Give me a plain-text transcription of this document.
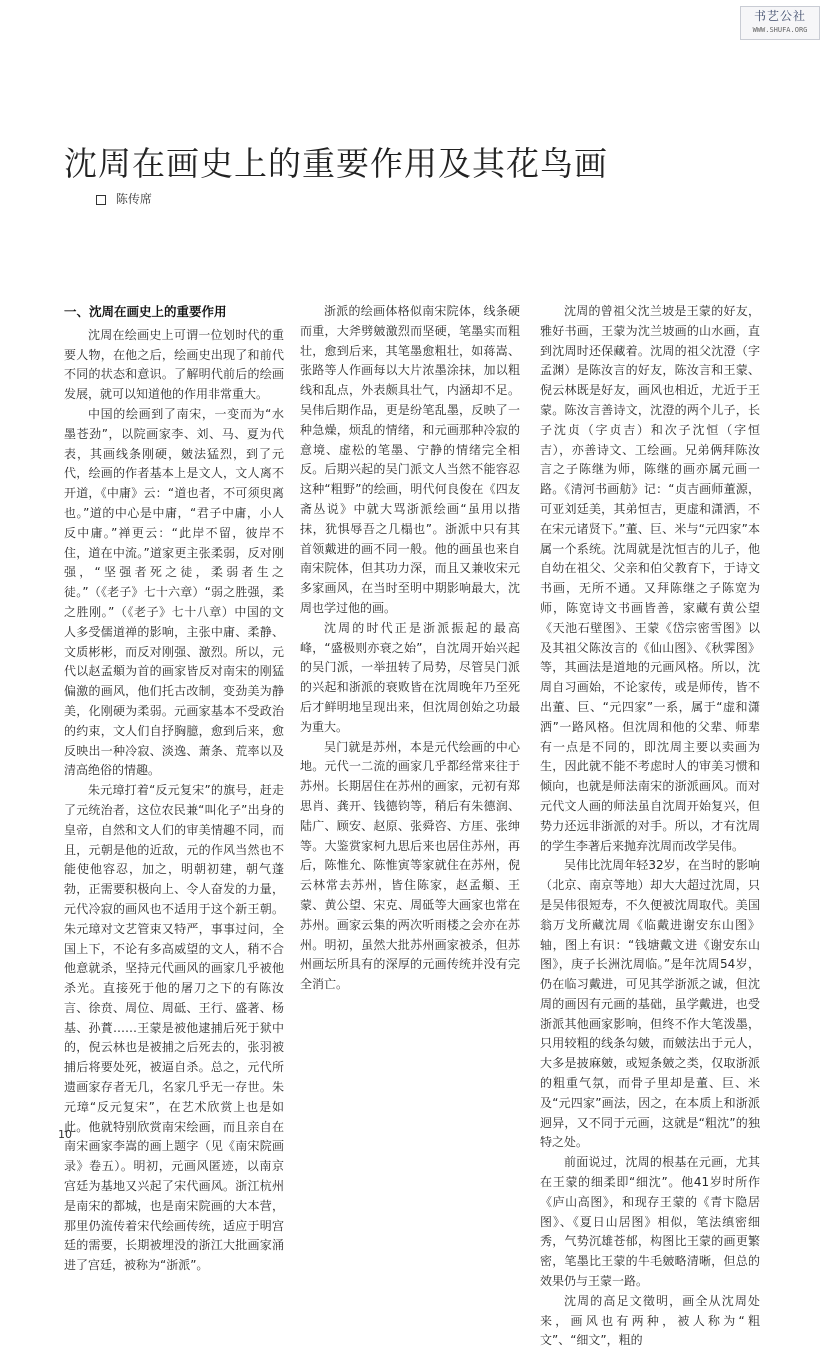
书艺公社
WWW.SHUFA.ORG
沈周在画史上的重要作用及其花鸟画
陈传席
一、沈周在画史上的重要作用

沈周在绘画史上可谓一位划时代的重要人物，在他之后，绘画史出现了和前代不同的状态和意识。了解明代前后的绘画发展，就可以知道他的作用非常重大。

中国的绘画到了南宋，一变而为“水墨苍劲”，以院画家李、刘、马、夏为代表，其画线条刚硬，皴法猛烈，到了元代，绘画的作者基本上是文人，文人离不开道，《中庸》云：“道也者，不可须臾离也。”道的中心是中庸，“君子中庸，小人反中庸。”禅更云：“此岸不留，彼岸不住，道在中流。”道家更主张柔弱，反对刚强，“坚强者死之徒，柔弱者生之徒。”（《老子》七十六章）“弱之胜强，柔之胜刚。”（《老子》七十八章）中国的文人多受儒道禅的影响，主张中庸、柔静、文质彬彬，而反对刚强、激烈。所以，元代以赵孟頫为首的画家皆反对南宋的刚猛偏激的画风，他们托古改制，变劲美为静美，化刚硬为柔弱。元画家基本不受政治的约束，文人们自抒胸臆，愈到后来，愈反映出一种冷寂、淡逸、萧条、荒率以及清高绝俗的情趣。

朱元璋打着“反元复宋”的旗号，赶走了元统治者，这位农民兼“叫化子”出身的皇帝，自然和文人们的审美情趣不同，而且，元朝是他的近敌，元的作风当然也不能使他容忍，加之，明朝初建，朝气蓬勃，正需要积极向上、令人奋发的力量，元代冷寂的画风也不适用于这个新王朝。朱元璋对文艺管束又特严，事事过问，全国上下，不论有多高威望的文人，稍不合他意就杀，坚持元代画风的画家几乎被他杀光。直接死于他的屠刀之下的有陈汝言、徐贲、周位、周砥、王行、盛著、杨基、孙蕡……王蒙是被他逮捕后死于狱中的，倪云林也是被捕之后死去的，张羽被捕后将要处死，被逼自杀。总之，元代所遗画家存者无几，名家几乎无一存世。朱元璋“反元复宋”，在艺术欣赏上也是如此。他就特别欣赏南宋绘画，而且亲自在南宋画家李嵩的画上题字（见《南宋院画录》卷五）。明初，元画风匿迹，以南京宫廷为基地又兴起了宋代画风。浙江杭州是南宋的都城，也是南宋院画的大本营，那里仍流传着宋代绘画传统，适应于明宫廷的需要，长期被埋没的浙江大批画家涌进了宫廷，被称为“浙派”。

浙派的绘画体格似南宋院体，线条硬而重，大斧劈皴激烈而坚硬，笔墨实而粗壮，愈到后来，其笔墨愈粗壮，如蒋嵩、张路等人作画每以大片浓墨涂抹，加以粗线和乱点，外表颇具壮气，内涵却不足。吴伟后期作品，更是纷笔乱墨，反映了一种急燥，烦乱的情绪，和元画那种冷寂的意境、虚松的笔墨、宁静的情绪完全相反。后期兴起的吴门派文人当然不能容忍这种“粗野”的绘画，明代何良俊在《四友斋丛说》中就大骂浙派绘画“虽用以揩抹，犹惧辱吾之几榻也”。浙派中只有其首领戴进的画不同一般。他的画虽也来自南宋院体，但其功力深，而且又兼收宋元多家画风，在当时至明中期影响最大，沈周也学过他的画。

沈周的时代正是浙派振起的最高峰，“盛极则亦衰之始”，自沈周开始兴起的吴门派，一举扭转了局势，尽管吴门派的兴起和浙派的衰败皆在沈周晚年乃至死后才鲜明地呈现出来，但沈周创始之功最为重大。

吴门就是苏州，本是元代绘画的中心地。元代一二流的画家几乎都经常来往于苏州。长期居住在苏州的画家，元初有郑思肖、龚开、钱德钧等，稍后有朱德润、陆广、顾安、赵原、张舜咨、方厓、张绅等。大鉴赏家柯九思后来也居住苏州，再后，陈惟允、陈惟寅等家就住在苏州，倪云林常去苏州，皆住陈家，赵孟頫、王蒙、黄公望、宋克、周砥等大画家也常在苏州。画家云集的两次听雨楼之会亦在苏州。明初，虽然大批苏州画家被杀，但苏州画坛所具有的深厚的元画传统并没有完全消亡。

沈周的曾祖父沈兰坡是王蒙的好友，雅好书画，王蒙为沈兰坡画的山水画，直到沈周时还保藏着。沈周的祖父沈澄（字孟渊）是陈汝言的好友，陈汝言和王蒙、倪云林既是好友，画风也相近，尤近于王蒙。陈汝言善诗文，沈澄的两个儿子，长子沈贞（字贞吉）和次子沈恒（字恒吉），亦善诗文、工绘画。兄弟俩拜陈汝言之子陈继为师，陈继的画亦属元画一路。《清河书画舫》记：“贞吉画师董源，可亚刘廷美，其弟恒吉，更虚和潇洒，不在宋元诸贤下。”董、巨、米与“元四家”本属一个系统。沈周就是沈恒吉的儿子，他自幼在祖父、父亲和伯父教育下，于诗文书画，无所不通。又拜陈继之子陈宽为师，陈宽诗文书画皆善，家藏有黄公望《天池石壁图》、王蒙《岱宗密雪图》以及其祖父陈汝言的《仙山图》、《秋霁图》等，其画法是道地的元画风格。所以，沈周自习画始，不论家传，或是师传，皆不出董、巨、“元四家”一系，属于“虚和潇洒”一路风格。但沈周和他的父辈、师辈有一点是不同的，即沈周主要以卖画为生，因此就不能不考虑时人的审美习惯和倾向，也就是师法南宋的浙派画风。而对元代文人画的师法虽自沈周开始复兴，但势力还远非浙派的对手。所以，才有沈周的学生李著后来抛弃沈周而改学吴伟。

吴伟比沈周年轻32岁，在当时的影响（北京、南京等地）却大大超过沈周，只是吴伟很短寿，不久便被沈周取代。美国翁万戈所藏沈周《临戴进谢安东山图》轴，图上有识：“钱塘戴文进《谢安东山图》，庚子长洲沈周临。”是年沈周54岁，仍在临习戴进，可见其学浙派之诚，但沈周的画因有元画的基础，虽学戴进，也受浙派其他画家影响，但终不作大笔泼墨，只用较粗的线条勾皴，而皴法出于元人，大多是披麻皴，或短条皴之类，仅取浙派的粗重气氛，而骨子里却是董、巨、米及“元四家”画法，因之，在本质上和浙派迥异，又不同于元画，这就是“粗沈”的独特之处。

前面说过，沈周的根基在元画，尤其在王蒙的细柔即“细沈”。他41岁时所作《庐山高图》，和现存王蒙的《青卞隐居图》、《夏日山居图》相似，笔法缜密细秀，气势沉雄苍郁，构图比王蒙的画更繁密，笔墨比王蒙的牛毛皴略清晰，但总的效果仍与王蒙一路。

沈周的高足文徵明，画全从沈周处来，画风也有两种，被人称为“粗文”、“细文”，粗的

10
